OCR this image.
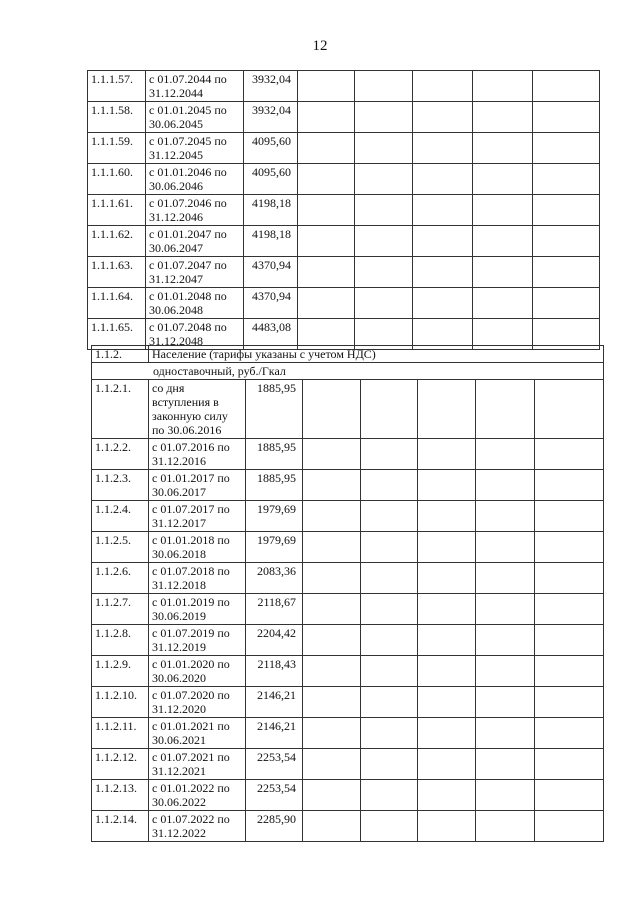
12
1.1.1.57.	с 01.07.2044 по 31.12.2044	3932,04					
1.1.1.58.	с 01.01.2045 по 30.06.2045	3932,04					
1.1.1.59.	с 01.07.2045 по 31.12.2045	4095,60					
1.1.1.60.	с 01.01.2046 по 30.06.2046	4095,60					
1.1.1.61.	с 01.07.2046 по 31.12.2046	4198,18					
1.1.1.62.	с 01.01.2047 по 30.06.2047	4198,18					
1.1.1.63.	с 01.07.2047 по 31.12.2047	4370,94					
1.1.1.64.	с 01.01.2048 по 30.06.2048	4370,94					
1.1.1.65.	с 01.07.2048 по 31.12.2048	4483,08					
1.1.2.	Население (тарифы указаны с учетом НДС)						
одноставочный, руб./Гкал							
1.1.2.1.	со дня вступления в законную силу по 30.06.2016	1885,95					
1.1.2.2.	с 01.07.2016 по 31.12.2016	1885,95					
1.1.2.3.	с 01.01.2017 по 30.06.2017	1885,95					
1.1.2.4.	с 01.07.2017 по 31.12.2017	1979,69					
1.1.2.5.	с 01.01.2018 по 30.06.2018	1979,69					
1.1.2.6.	с 01.07.2018 по 31.12.2018	2083,36					
1.1.2.7.	с 01.01.2019 по 30.06.2019	2118,67					
1.1.2.8.	с 01.07.2019 по 31.12.2019	2204,42					
1.1.2.9.	с 01.01.2020 по 30.06.2020	2118,43					
1.1.2.10.	с 01.07.2020 по 31.12.2020	2146,21					
1.1.2.11.	с 01.01.2021 по 30.06.2021	2146,21					
1.1.2.12.	с 01.07.2021 по 31.12.2021	2253,54					
1.1.2.13.	с 01.01.2022 по 30.06.2022	2253,54					
1.1.2.14.	с 01.07.2022 по 31.12.2022	2285,90					
